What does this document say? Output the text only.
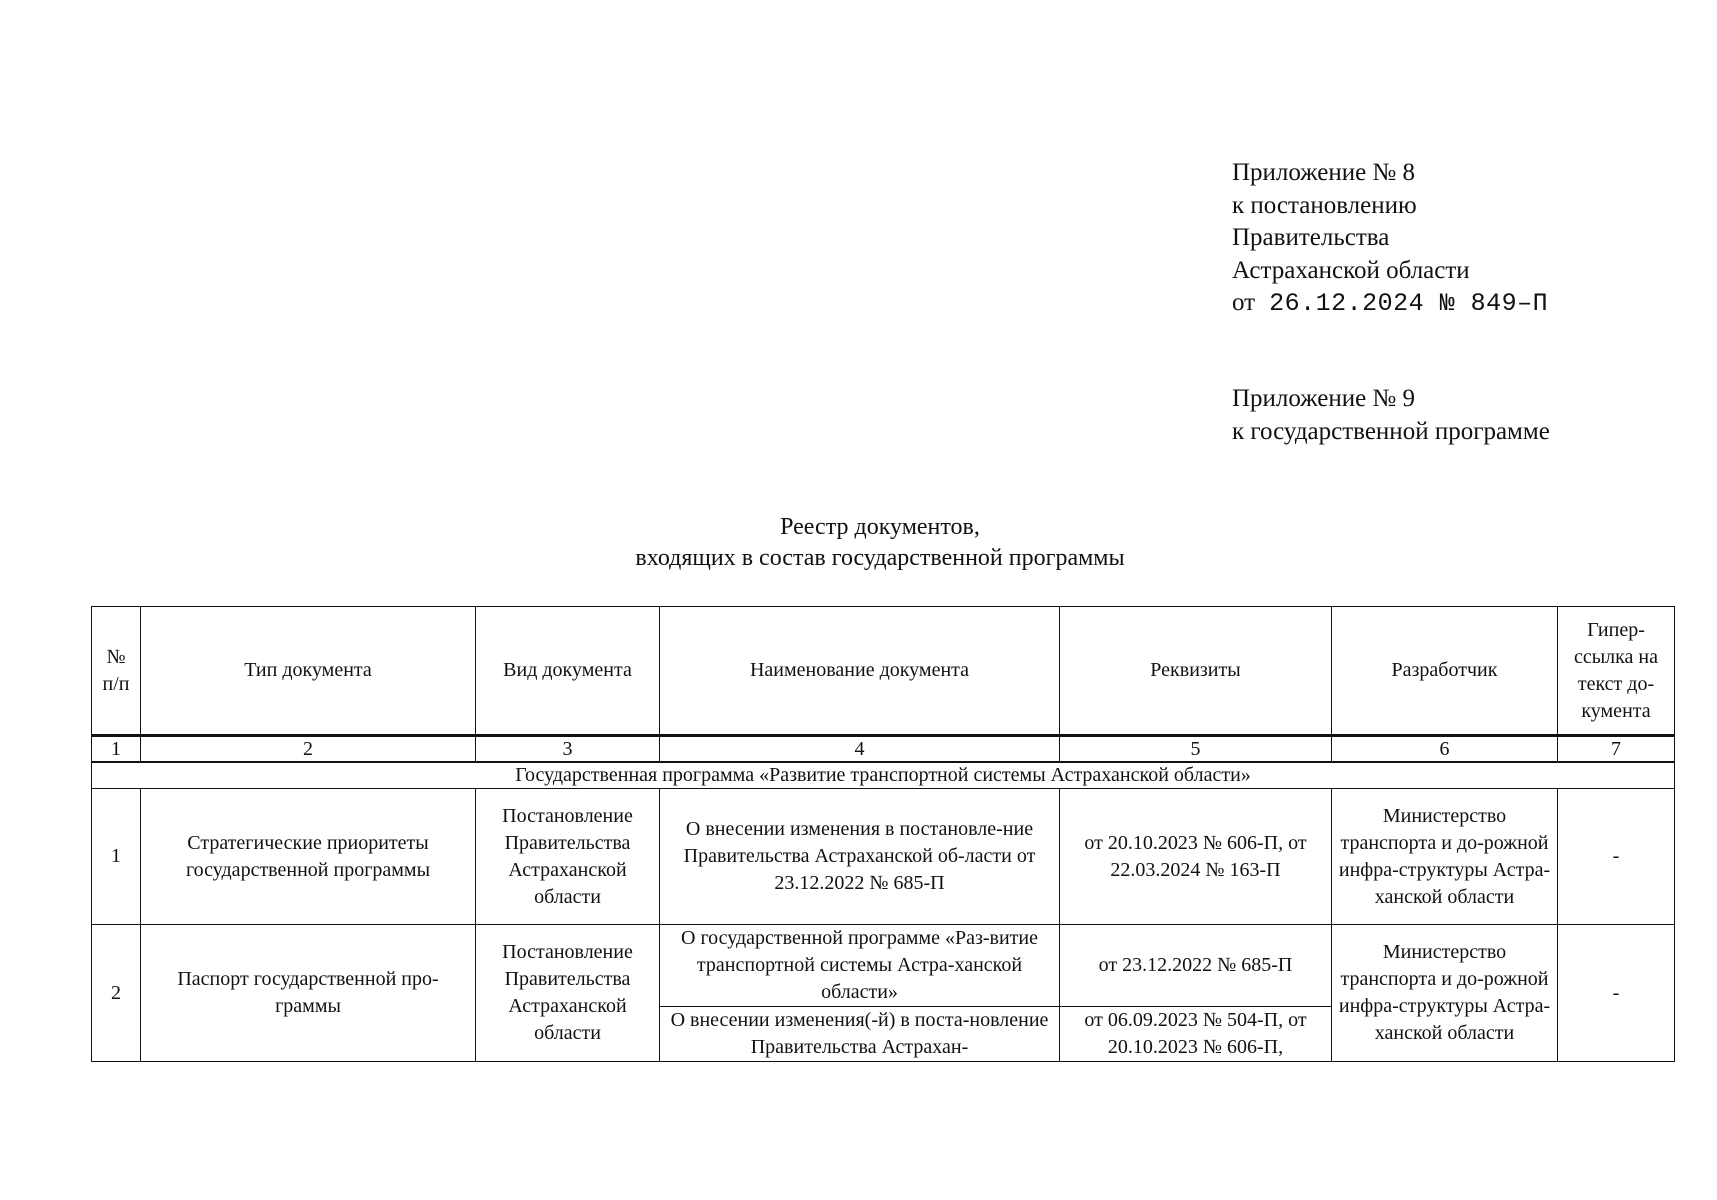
Приложение № 8
к постановлению
Правительства
Астраханской области
от 26.12.2024 № 849–П
Приложение № 9
к государственной программе
Реестр документов,
входящих в состав государственной программы
№ п/п	Тип документа	Вид документа	Наименование документа	Реквизиты	Разработчик	Гипер-ссылка на текст до-кумента
1	2	3	4	5	6	7
Государственная программа «Развитие транспортной системы Астраханской области»						
1	Стратегические приоритеты государственной программы	Постановление Правительства Астраханской области	О внесении изменения в постановле-ние Правительства Астраханской об-ласти от 23.12.2022 № 685-П	от 20.10.2023 № 606-П, от 22.03.2024 № 163-П	Министерство транспорта и до-рожной инфра-структуры Астра-ханской области	-
2	Паспорт государственной про-граммы	Постановление Правительства Астраханской области	О государственной программе «Раз-витие транспортной системы Астра-ханской области»	от 23.12.2022 № 685-П	Министерство транспорта и до-рожной инфра-структуры Астра-ханской области	-
			О внесении изменения(-й) в поста-новление Правительства Астрахан-	от 06.09.2023 № 504-П, от 20.10.2023 № 606-П,		
